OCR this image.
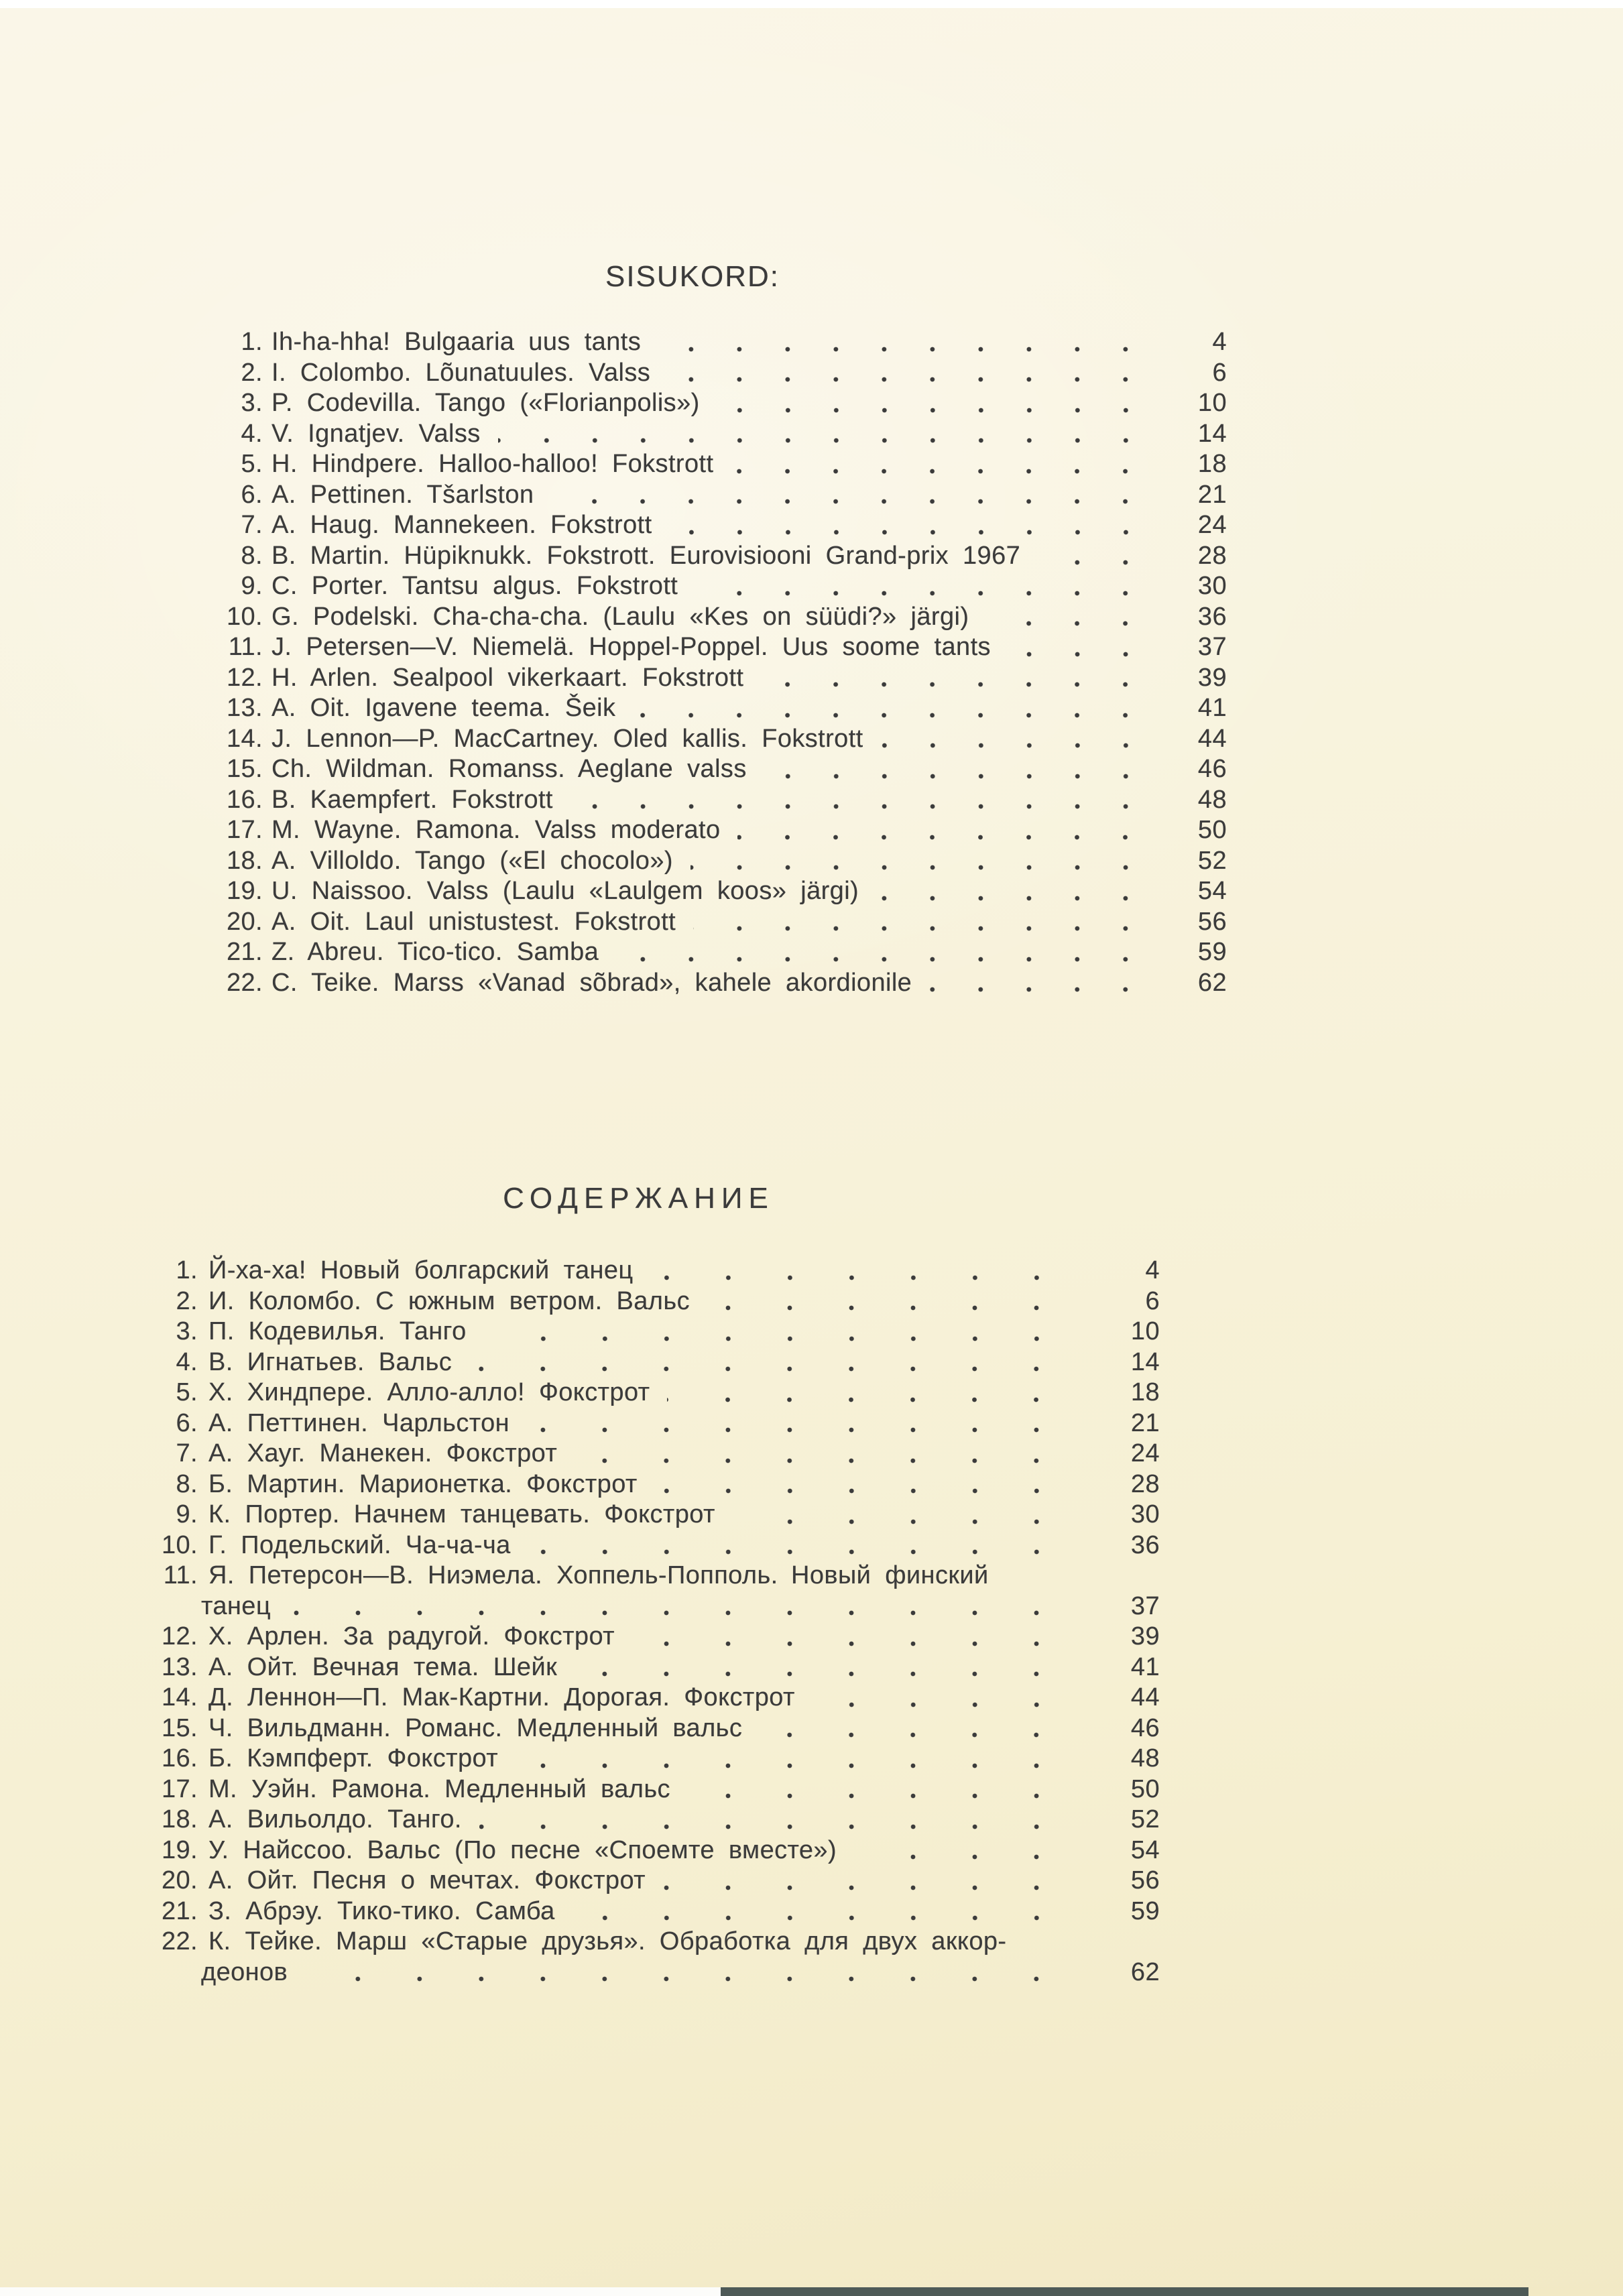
SISUKORD:
1. Ih-ha-hha! Bulgaaria uus tants	4
2. I. Colombo. Lõunatuules. Valss	6
3. P. Codevilla. Tango («Florianpolis»)	10
4. V. Ignatjev. Valss	14
5. H. Hindpere. Halloo-halloo! Fokstrott	18
6. A. Pettinen. Tšarlston	21
7. A. Haug. Mannekeen. Fokstrott	24
8. B. Martin. Hüpiknukk. Fokstrott. Eurovisiooni Grand-prix 1967	28
9. C. Porter. Tantsu algus. Fokstrott	30
10. G. Podelski. Cha-cha-cha. (Laulu «Kes on süüdi?» järgi)	36
11. J. Petersen—V. Niemelä. Hoppel-Poppel. Uus soome tants	37
12. H. Arlen. Sealpool vikerkaart. Fokstrott	39
13. A. Oit. Igavene teema. Šeik	41
14. J. Lennon—P. MacCartney. Oled kallis. Fokstrott	44
15. Ch. Wildman. Romanss. Aeglane valss	46
16. B. Kaempfert. Fokstrott	48
17. M. Wayne. Ramona. Valss moderato	50
18. A. Villoldo. Tango («El chocolo»)	52
19. U. Naissoo. Valss (Laulu «Laulgem koos» järgi)	54
20. A. Oit. Laul unistustest. Fokstrott	56
21. Z. Abreu. Tico-tico. Samba	59
22. C. Teike. Marss «Vanad sõbrad», kahele akordionile	62
СОДЕРЖАНИЕ
1. Й-ха-ха! Новый болгарский танец	4
2. И. Коломбо. С южным ветром. Вальс	6
3. П. Кодевилья. Танго	10
4. В. Игнатьев. Вальс	14
5. Х. Хиндпере. Алло-алло! Фокстрот	18
6. А. Петтинен. Чарльстон	21
7. А. Хауг. Манекен. Фокстрот	24
8. Б. Мартин. Марионетка. Фокстрот	28
9. К. Портер. Начнем танцевать. Фокстрот	30
10. Г. Подельский. Ча-ча-ча	36
11. Я. Петерсон—В. Ниэмела. Хоппель-Попполь. Новый финский
танец	37
12. Х. Арлен. За радугой. Фокстрот	39
13. А. Ойт. Вечная тема. Шейк	41
14. Д. Леннон—П. Мак-Картни. Дорогая. Фокстрот	44
15. Ч. Вильдманн. Романс. Медленный вальс	46
16. Б. Кэмпферт. Фокстрот	48
17. М. Уэйн. Рамона. Медленный вальс	50
18. А. Вильолдо. Танго.	52
19. У. Найссоо. Вальс (По песне «Споемте вместе»)	54
20. А. Ойт. Песня о мечтах. Фокстрот	56
21. З. Абрэу. Тико-тико. Самба	59
22. К. Тейке. Марш «Старые друзья». Обработка для двух аккор-
деонов	62
